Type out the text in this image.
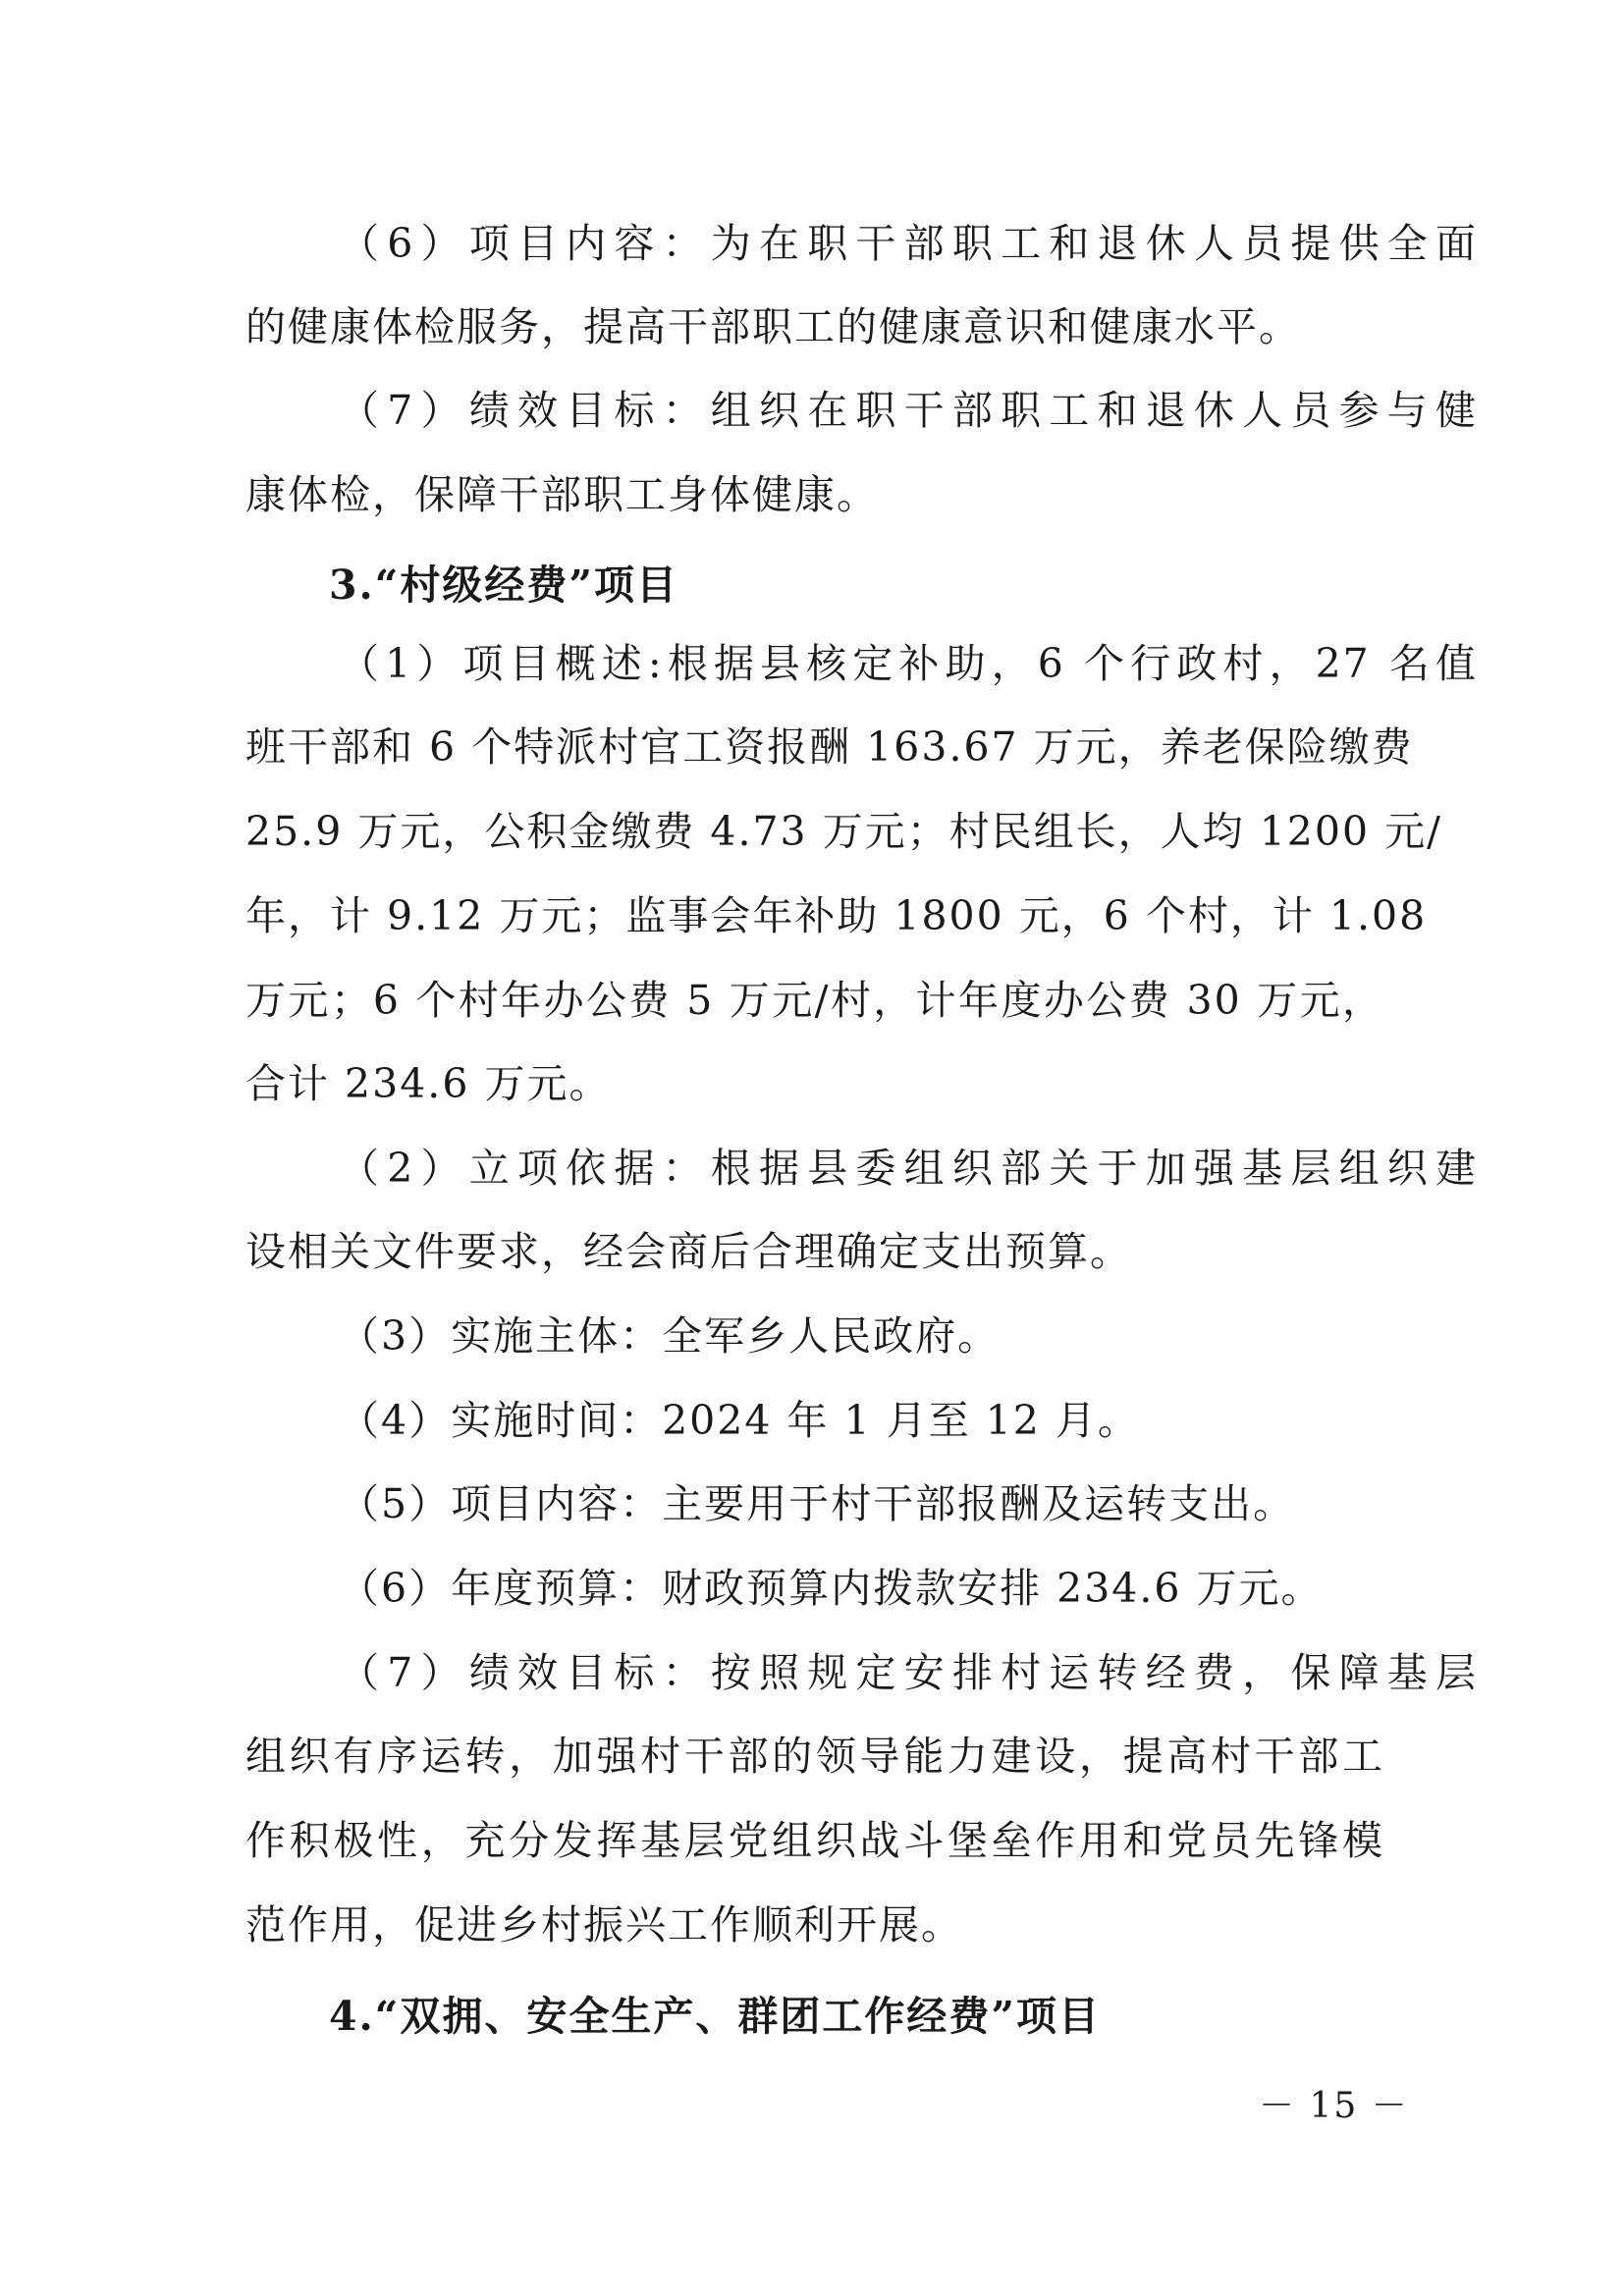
（6）项目内容：为在职干部职工和退休人员提供全面
的健康体检服务，提高干部职工的健康意识和健康水平。
（7）绩效目标：组织在职干部职工和退休人员参与健
康体检，保障干部职工身体健康。
3.“村级经费”项目
（1）项目概述:根据县核定补助，6 个行政村，27 名值
班干部和 6 个特派村官工资报酬 163.67 万元，养老保险缴费
25.9 万元，公积金缴费 4.73 万元；村民组长，人均 1200 元/
年，计 9.12 万元；监事会年补助 1800 元，6 个村，计 1.08
万元；6 个村年办公费 5 万元/村，计年度办公费 30 万元，
合计 234.6 万元。
（2）立项依据：根据县委组织部关于加强基层组织建
设相关文件要求，经会商后合理确定支出预算。
（3）实施主体：全军乡人民政府。
（4）实施时间：2024 年 1 月至 12 月。
（5）项目内容：主要用于村干部报酬及运转支出。
（6）年度预算：财政预算内拨款安排 234.6 万元。
（7）绩效目标：按照规定安排村运转经费，保障基层
组织有序运转，加强村干部的领导能力建设，提高村干部工
作积极性，充分发挥基层党组织战斗堡垒作用和党员先锋模
范作用，促进乡村振兴工作顺利开展。
4.“双拥、安全生产、群团工作经费”项目
－ 15 －
